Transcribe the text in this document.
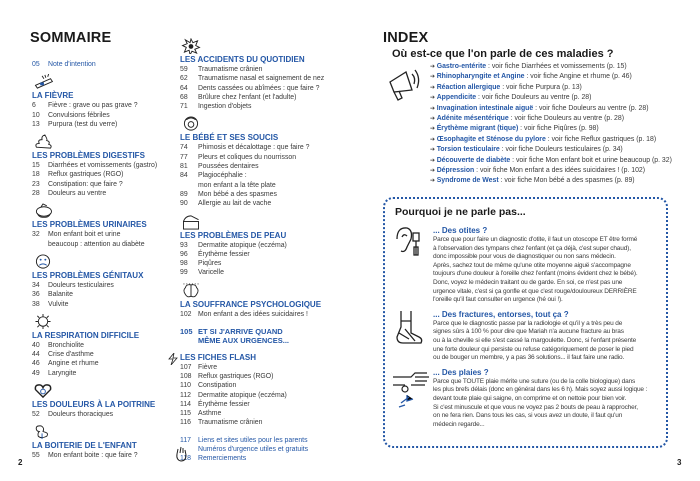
SOMMAIRE
05	Note d'intention
LA FIÈVRE
6	Fièvre : grave ou pas grave ?
10	Convulsions fébriles
13	Purpura (test du verre)
LES PROBLÈMES DIGESTIFS
15	Diarrhées et vomissements (gastro)
18	Reflux gastriques (RGO)
23	Constipation: que faire ?
28	Douleurs au ventre
LES PROBLÈMES URINAIRES
32	Mon enfant boit et urine
beaucoup : attention au diabète
LES PROBLÈMES GÉNITAUX
34	Douleurs testiculaires
36	Balanite
38	Vulvite
LA RESPIRATION DIFFICILE
40	Bronchiolite
44	Crise d'asthme
46	Angine et rhume
49	Laryngite
LES DOULEURS À LA POITRINE
52	Douleurs thoraciques
LA BOITERIE DE L'ENFANT
55	Mon enfant boite : que faire ?
LES ACCIDENTS DU QUOTIDIEN
59	Traumatisme crânien
62	Traumatisme nasal et saignement de nez
64	Dents cassées ou abîmées : que faire ?
68	Brûlure chez l'enfant (et l'adulte)
71	Ingestion d'objets
LE BÉBÉ ET SES SOUCIS
74	Phimosis et décalottage : que faire ?
77	Pleurs et coliques du nourrisson
81	Poussées dentaires
84	Plagiocéphalie :
mon enfant a la tête plate
89	Mon bébé a des spasmes
90	Allergie au lait de vache
LES PROBLÈMES DE PEAU
93	Dermatite atopique (eczéma)
96	Érythème fessier
98	Piqûres
99	Varicelle
LA SOUFFRANCE PSYCHOLOGIQUE
102 Mon enfant a des idées suicidaires !
105 ET SI J'ARRIVE QUAND
MÊME AUX URGENCES...
LES FICHES FLASH
107 Fièvre
108 Reflux gastriques (RGO)
110	Constipation
112	Dermatite atopique (eczéma)
114	Érythème fessier
115	Asthme
116	Traumatisme crânien
117	Liens et sites utiles pour les parents
Numéros d'urgence utiles et gratuits
118	Remerciements
2
INDEX
Où est-ce que l'on parle de ces maladies ?
➔ Gastro-entérite : voir fiche Diarrhées et vomissements (p. 15)
➔ Rhinopharyngite et Angine : voir fiche Angine et rhume (p. 46)
➔ Réaction allergique : voir fiche Purpura (p. 13)
➔ Appendicite : voir fiche Douleurs au ventre (p. 28)
➔ Invagination intestinale aiguë : voir fiche Douleurs au ventre (p. 28)
➔ Adénite mésentérique : voir fiche Douleurs au ventre (p. 28)
➔ Érythème migrant (tique) : voir fiche Piqûres (p. 98)
➔ Œsophagite et Sténose du pylore : voir fiche Reflux gastriques (p. 18)
➔ Torsion testiculaire : voir fiche Douleurs testiculaires (p. 34)
➔ Découverte de diabète : voir fiche Mon enfant boit et urine beaucoup (p. 32)
➔ Dépression : voir fiche Mon enfant a des idées suicidaires ! (p. 102)
➔ Syndrome de West : voir fiche Mon bébé a des spasmes (p. 89)
Pourquoi je ne parle pas...
... Des otites ?

Parce que pour faire un diagnostic d'otite, il faut un otoscope ET être formé
à l'observation des tympans chez l'enfant (et ça déjà, c'est super chaud),
donc impossible pour vous de diagnostiquer ou non sans médecin.
Après, sachez tout de même qu'une otite moyenne aiguë s'accompagne
toujours d'une douleur à l'oreille chez l'enfant (moins évident chez le bébé).
Donc, voyez le médecin traitant ou de garde. En soi, ce n'est pas une
urgence vitale, c'est si ça gonfle et que c'est rouge/douloureux DERRIÈRE
l'oreille qu'il faut consulter en urgence (hé oui !).

... Des fractures, entorses, tout ça ?

Parce que le diagnostic passe par la radiologie et qu'il y a très peu de
signes sûrs à 100 % pour dire que Mariah n'a aucune fracture au bras
ou à la cheville si elle s'est cassé la margoulette. Donc, si l'enfant présente
une forte douleur qui persiste ou refuse catégoriquement de poser le pied
ou de bouger un membre, y a pas 36 solutions... il faut faire une radio.

... Des plaies ?

Parce que TOUTE plaie mérite une suture (ou de la colle biologique) dans
les plus brefs délais (donc en général dans les 6 h). Mais soyez aussi logique :
devant toute plaie qui saigne, on comprime et on nettoie pour bien voir.
Si c'est minuscule et que vous ne voyez pas 2 bouts de peau à rapprocher,
on ne fera rien. Dans tous les cas, si vous avez un doute, il faut qu'un
médecin regarde...

3
